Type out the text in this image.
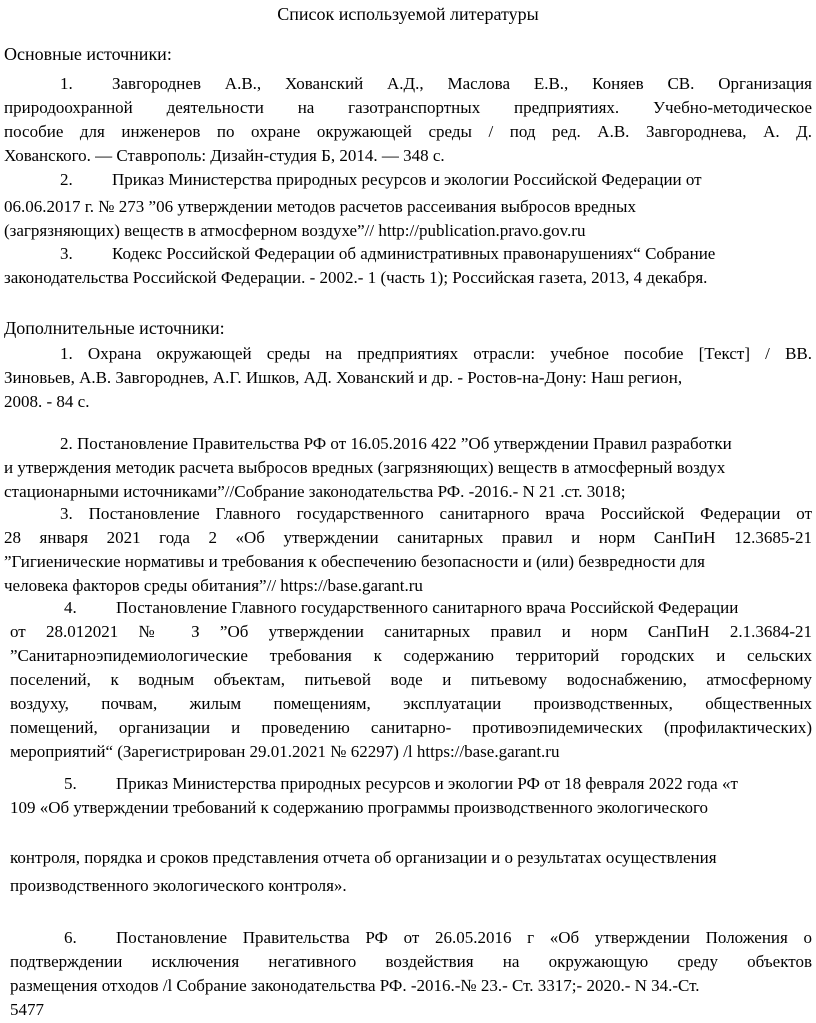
Список используемой литературы
Основные источники:
1. Завгороднев А.В., Хованский А.Д., Маслова Е.В., Коняев СВ. Организация
природоохранной деятельности на газотранспортных предприятиях. Учебно-методическое
пособие для инженеров по охране окружающей среды / под ред. А.В. Завгороднева, А. Д.
Хованского. — Ставрополь: Дизайн-студия Б, 2014. — 348 с.
2. Приказ Министерства природных ресурсов и экологии Российской Федерации от
06.06.2017 г. № 273 ”06 утверждении методов расчетов рассеивания выбросов вредных
(загрязняющих) веществ в атмосферном воздухе”// http://publication.pravo.gov.ru
3. Кодекс Российской Федерации об административных правонарушениях“ Собрание
законодательства Российской Федерации. - 2002.- 1 (часть 1); Российская газета, 2013, 4 декабря.
Дополнительные источники:
1. Охрана окружающей среды на предприятиях отрасли: учебное пособие [Текст] / ВВ.
Зиновьев, А.В. Завгороднев, А.Г. Ишков, АД. Хованский и др. - Ростов-на-Дону: Наш регион,
2008. - 84 с.
2. Постановление Правительства РФ от 16.05.2016 422 ”Об утверждении Правил разработки
и утверждения методик расчета выбросов вредных (загрязняющих) веществ в атмосферный воздух
стационарными источниками”//Собрание законодательства РФ. -2016.- N 21 .ст. 3018;
3. Постановление Главного государственного санитарного врача Российской Федерации от
28 января 2021 года 2 «Об утверждении санитарных правил и норм СанПиН 12.3685-21
”Гигиенические нормативы и требования к обеспечению безопасности и (или) безвредности для
человека факторов среды обитания”// https://base.garant.ru
4. Постановление Главного государственного санитарного врача Российской Федерации
от 28.012021 № З ”Об утверждении санитарных правил и норм СанПиН 2.1.3684-21
”Санитарноэпидемиологические требования к содержанию территорий городских и сельских
поселений, к водным объектам, питьевой воде и питьевому водоснабжению, атмосферному
воздуху, почвам, жилым помещениям, эксплуатации производственных, общественных
помещений, организации и проведению санитарно- противоэпидемических (профилактических)
мероприятий“ (Зарегистрирован 29.01.2021 № 62297) /l https://base.garant.ru
5. Приказ Министерства природных ресурсов и экологии РФ от 18 февраля 2022 года «т
109 «Об утверждении требований к содержанию программы производственного экологического
контроля, порядка и сроков представления отчета об организации и о результатах осуществления
производственного экологического контроля».
6. Постановление Правительства РФ от 26.05.2016 г «Об утверждении Положения о
подтверждении исключения негативного воздействия на окружающую среду объектов
размещения отходов /l Собрание законодательства РФ. -2016.-№ 23.- Ст. 3317;- 2020.- N 34.-Ст.
5477
